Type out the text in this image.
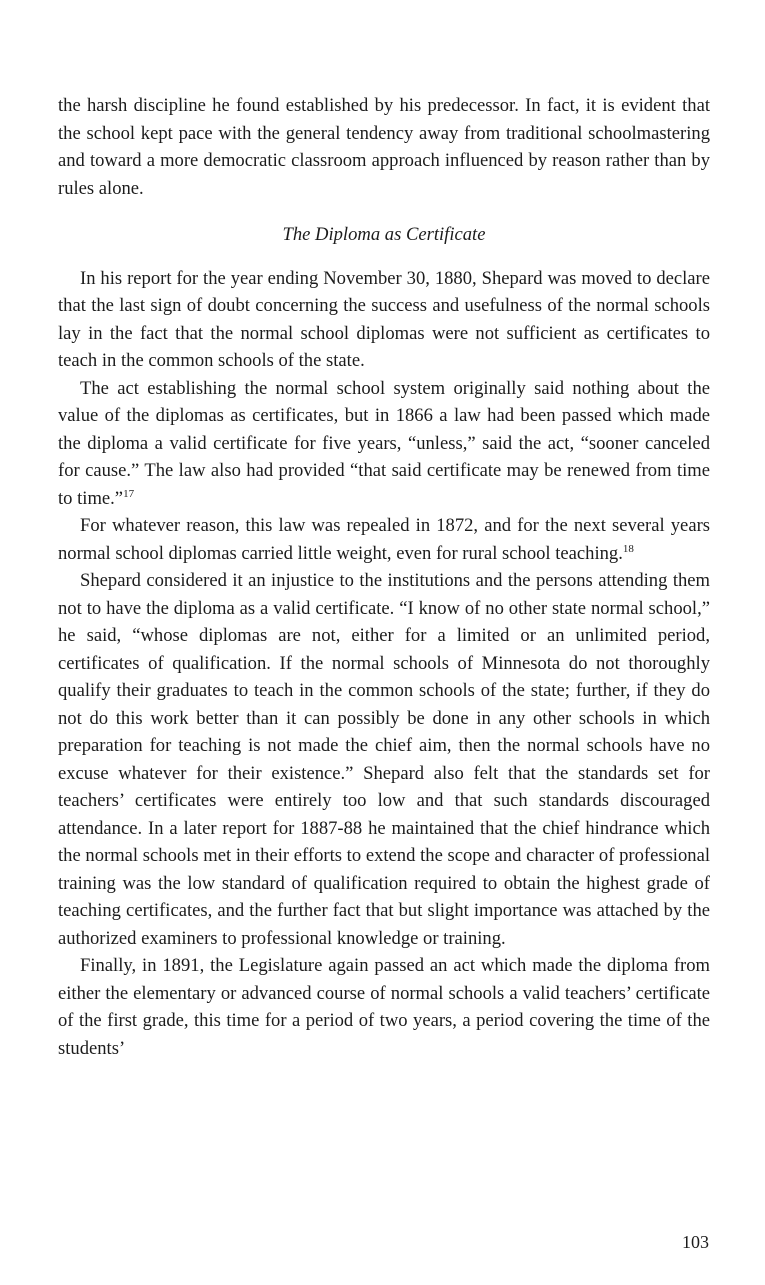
the harsh discipline he found established by his predecessor. In fact, it is evident that the school kept pace with the general tendency away from traditional schoolmastering and toward a more democratic classroom approach influenced by reason rather than by rules alone.

The Diploma as Certificate

In his report for the year ending November 30, 1880, Shepard was moved to declare that the last sign of doubt concerning the success and usefulness of the normal schools lay in the fact that the normal school diplomas were not sufficient as certificates to teach in the common schools of the state.

The act establishing the normal school system originally said nothing about the value of the diplomas as certificates, but in 1866 a law had been passed which made the diploma a valid certificate for five years, “unless,” said the act, “sooner canceled for cause.” The law also had provided “that said certificate may be renewed from time to time.”$^{17}$

For whatever reason, this law was repealed in 1872, and for the next several years normal school diplomas carried little weight, even for rural school teaching.$^{18}$

Shepard considered it an injustice to the institutions and the persons attending them not to have the diploma as a valid certificate. “I know of no other state normal school,” he said, “whose diplomas are not, either for a limited or an unlimited period, certificates of qualification. If the normal schools of Minnesota do not thoroughly qualify their graduates to teach in the common schools of the state; further, if they do not do this work better than it can possibly be done in any other schools in which preparation for teaching is not made the chief aim, then the normal schools have no excuse whatever for their existence.” Shepard also felt that the standards set for teachers’ certificates were entirely too low and that such standards discouraged attendance. In a later report for 1887-88 he maintained that the chief hindrance which the normal schools met in their efforts to extend the scope and character of professional training was the low standard of qualification required to obtain the highest grade of teaching certificates, and the further fact that but slight importance was attached by the authorized examiners to professional knowledge or training.

Finally, in 1891, the Legislature again passed an act which made the diploma from either the elementary or advanced course of normal schools a valid teachers’ certificate of the first grade, this time for a period of two years, a period covering the time of the students’

103
